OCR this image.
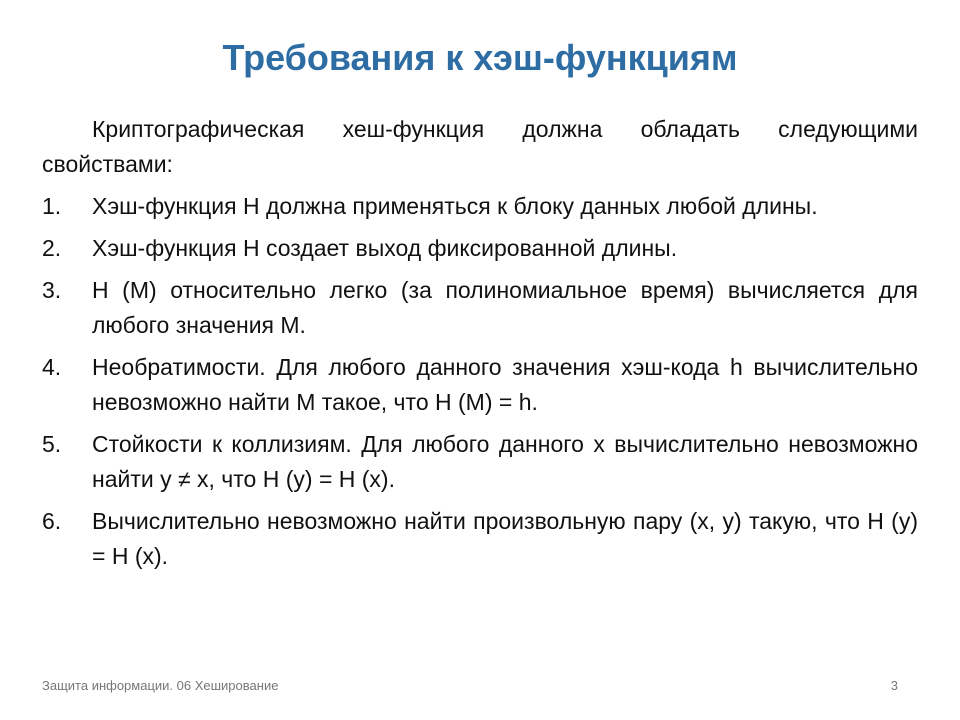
Требования к хэш-функциям

Криптографическая хеш-функция должна обладать следующими свойствами:

1.	Хэш-функция H должна применяться к блоку данных любой длины.
2.	Хэш-функция H создает выход фиксированной длины.
3.	H (M) относительно легко (за полиномиальное время) вычисляется для любого значения М.
4.	Необратимости. Для любого данного значения хэш-кода h вычислительно невозможно найти M такое, что H (M) = h.
5.	Стойкости к коллизиям. Для любого данного x вычислительно невозможно найти y ≠ x, что H (y) = H (x).
6.	Вычислительно невозможно найти произвольную пару (x, y) такую, что H (y) = H (x).
Защита информации. 06 Хеширование	3
